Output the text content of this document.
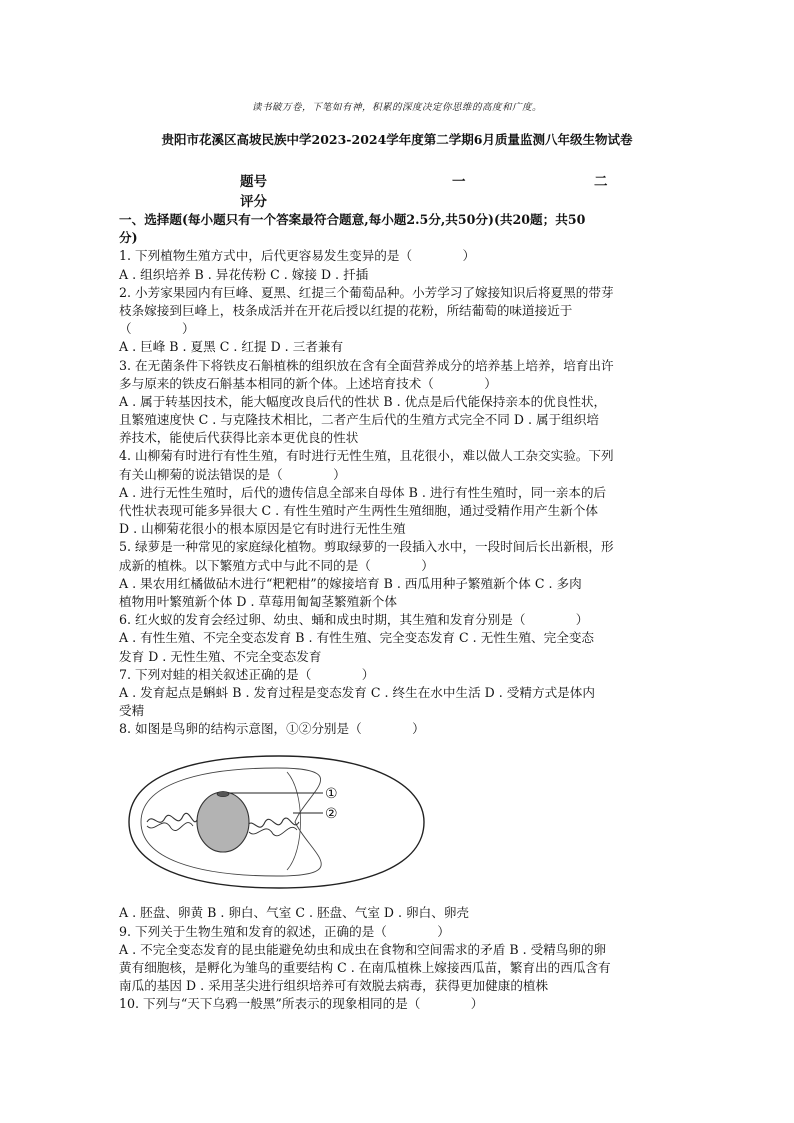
读书破万卷，下笔如有神，积累的深度决定你思维的高度和广度。
贵阳市花溪区高坡民族中学2023-2024学年度第二学期6月质量监测八年级生物试卷
题号	一	二
评分
一、选择题(每小题只有一个答案最符合题意,每小题2.5分,共50分)(共20题；共50
分)
1. 下列植物生殖方式中，后代更容易发生变异的是（　　　　）
A . 组织培养 B . 异花传粉 C . 嫁接 D . 扦插
2. 小芳家果园内有巨峰、夏黑、红提三个葡萄品种。小芳学习了嫁接知识后将夏黑的带芽
枝条嫁接到巨峰上，枝条成活并在开花后授以红提的花粉，所结葡萄的味道接近于
（　　　　）
A . 巨峰 B . 夏黑 C . 红提 D . 三者兼有
3. 在无菌条件下将铁皮石斛植株的组织放在含有全面营养成分的培养基上培养，培育出许
多与原来的铁皮石斛基本相同的新个体。上述培育技术（　　　　）
A . 属于转基因技术，能大幅度改良后代的性状 B . 优点是后代能保持亲本的优良性状，
且繁殖速度快 C . 与克隆技术相比，二者产生后代的生殖方式完全不同 D . 属于组织培
养技术，能使后代获得比亲本更优良的性状
4. 山柳菊有时进行有性生殖，有时进行无性生殖，且花很小，难以做人工杂交实验。下列
有关山柳菊的说法错误的是（　　　　）
A . 进行无性生殖时，后代的遗传信息全部来自母体 B . 进行有性生殖时，同一亲本的后
代性状表现可能多异很大 C . 有性生殖时产生两性生殖细胞，通过受精作用产生新个体
D . 山柳菊花很小的根本原因是它有时进行无性生殖
5. 绿萝是一种常见的家庭绿化植物。剪取绿萝的一段插入水中，一段时间后长出新根，形
成新的植株。以下繁殖方式中与此不同的是（　　　　）
A . 果农用红橘做砧木进行“粑粑柑”的嫁接培育 B . 西瓜用种子繁殖新个体 C . 多肉
植物用叶繁殖新个体 D . 草莓用匍匐茎繁殖新个体
6. 红火蚁的发育会经过卵、幼虫、蛹和成虫时期，其生殖和发育分别是（　　　　）
A . 有性生殖、不完全变态发育 B . 有性生殖、完全变态发育 C . 无性生殖、完全变态
发育 D . 无性生殖、不完全变态发育
7. 下列对蛙的相关叙述正确的是（　　　　）
A . 发育起点是蝌蚪 B . 发育过程是变态发育 C . 终生在水中生活 D . 受精方式是体内
受精
8. 如图是鸟卵的结构示意图，①②分别是（　　　　）
①
②
A . 胚盘、卵黄 B . 卵白、气室 C . 胚盘、气室 D . 卵白、卵壳
9. 下列关于生物生殖和发育的叙述，正确的是（　　　　）
A . 不完全变态发育的昆虫能避免幼虫和成虫在食物和空间需求的矛盾 B . 受精鸟卵的卵
黄有细胞核，是孵化为雏鸟的重要结构 C . 在南瓜植株上嫁接西瓜苗，繁育出的西瓜含有
南瓜的基因 D . 采用茎尖进行组织培养可有效脱去病毒，获得更加健康的植株
10. 下列与“天下乌鸦一般黑”所表示的现象相同的是（　　　　）
